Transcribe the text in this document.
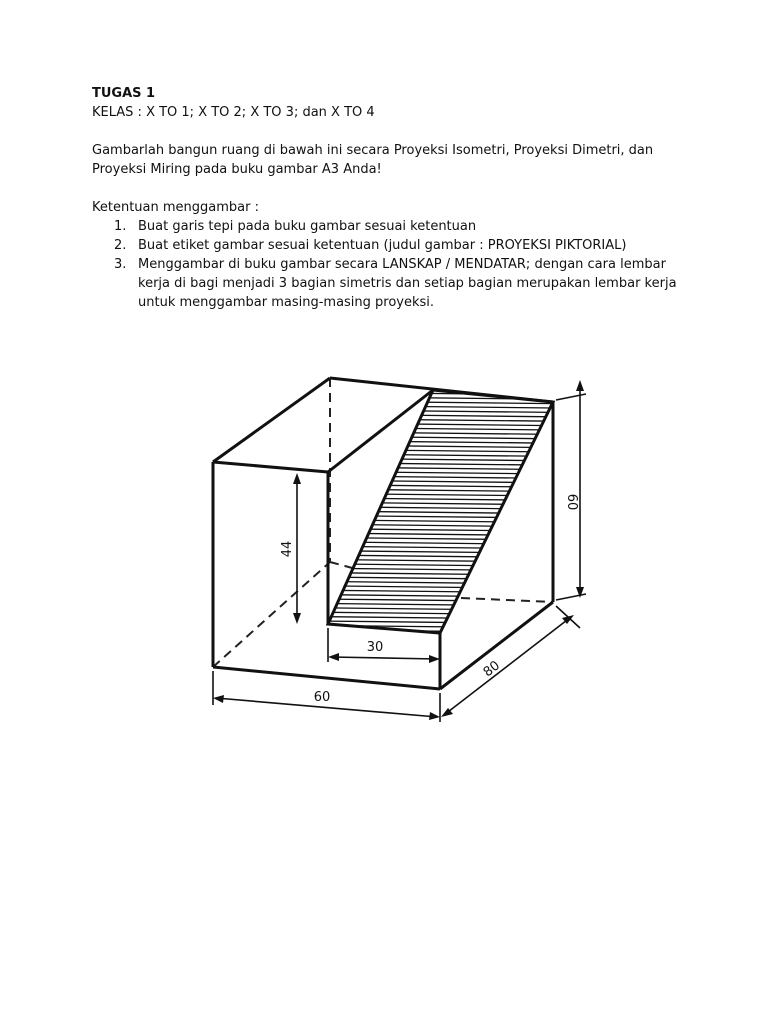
TUGAS 1
KELAS : X TO 1; X TO 2; X TO 3; dan X TO 4
Gambarlah bangun ruang di bawah ini secara Proyeksi Isometri, Proyeksi Dimetri, dan
Proyeksi Miring pada buku gambar A3 Anda!
Ketentuan menggambar :
1. Buat garis tepi pada buku gambar sesuai ketentuan
2. Buat etiket gambar sesuai ketentuan (judul gambar : PROYEKSI PIKTORIAL)
3. Menggambar di buku gambar secara LANSKAP / MENDATAR; dengan cara lembar
kerja di bagi menjadi 3 bagian simetris dan setiap bagian merupakan lembar kerja
untuk menggambar masing-masing proyeksi.
44
60
30
80
60
